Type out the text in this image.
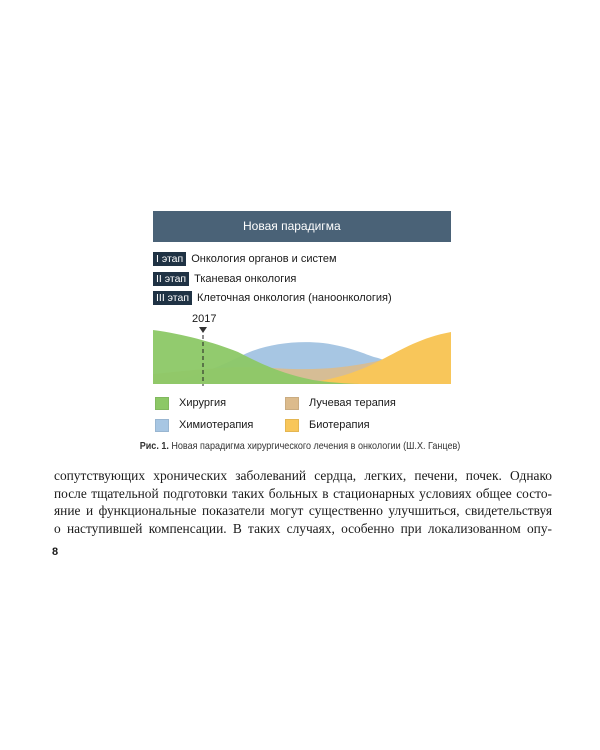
Новая парадигма
I этап Онкология органов и систем
II этап Тканевая онкология
III этап Клеточная онкология (наноонкология)
2017
Хирургия
Химиотерапия
Лучевая терапия
Биотерапия
Рис. 1. Новая парадигма хирургического лечения в онкологии (Ш.Х. Ганцев)

сопутствующих хронических заболеваний сердца, легких, печени, почек. Однако

после тщательной подготовки таких больных в стационарных условиях общее состо-

яние и функциональные показатели могут существенно улучшиться, свидетельствуя

о наступившей компенсации. В таких случаях, особенно при локализованном опу-

8
